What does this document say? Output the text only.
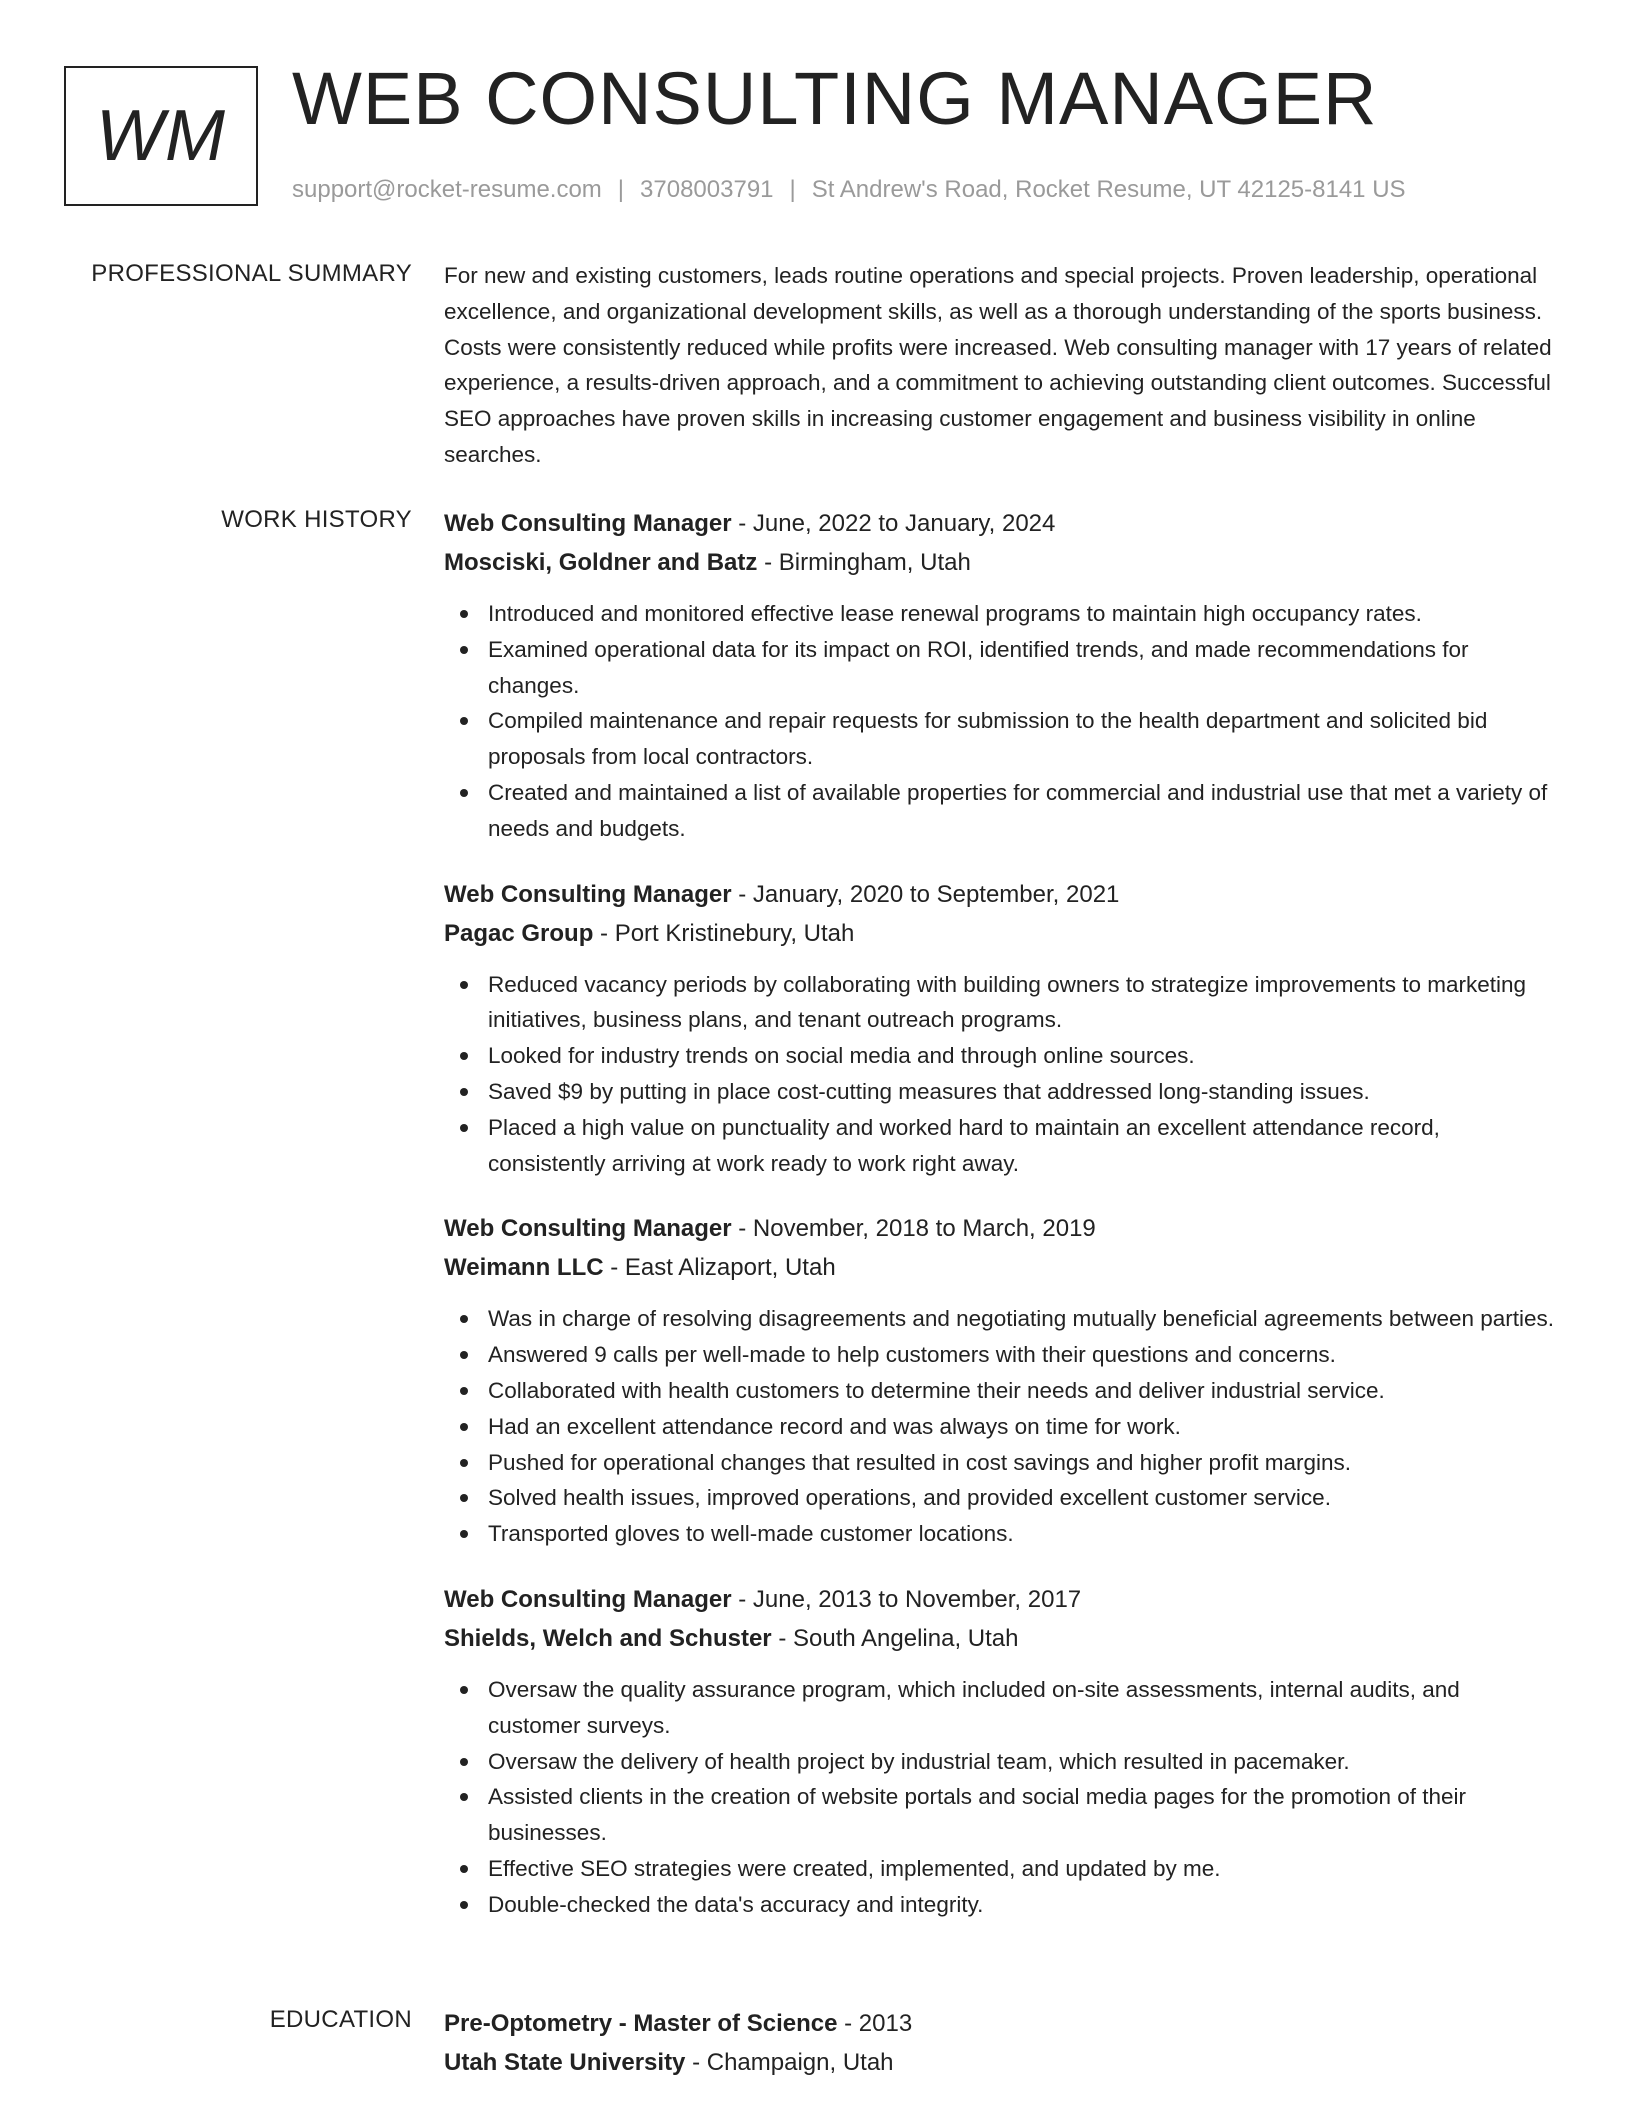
WM WEB CONSULTING MANAGER
support@rocket-resume.com | 3708003791 | St Andrew's Road, Rocket Resume, UT 42125-8141 US
PROFESSIONAL SUMMARY For new and existing customers, leads routine operations and special projects. Proven leadership, operational excellence, and organizational development skills, as well as a thorough understanding of the sports business. Costs were consistently reduced while profits were increased. Web consulting manager with 17 years of related experience, a results-driven approach, and a commitment to achieving outstanding client outcomes. Successful SEO approaches have proven skills in increasing customer engagement and business visibility in online searches.

WORK HISTORY Web Consulting Manager - June, 2022 to January, 2024

Mosciski, Goldner and Batz - Birmingham, Utah

Introduced and monitored effective lease renewal programs to maintain high occupancy rates.
Examined operational data for its impact on ROI, identified trends, and made recommendations for changes.
Compiled maintenance and repair requests for submission to the health department and solicited bid proposals from local contractors.
Created and maintained a list of available properties for commercial and industrial use that met a variety of needs and budgets.

Web Consulting Manager - January, 2020 to September, 2021

Pagac Group - Port Kristinebury, Utah

Reduced vacancy periods by collaborating with building owners to strategize improvements to marketing initiatives, business plans, and tenant outreach programs.
Looked for industry trends on social media and through online sources.
Saved $9 by putting in place cost-cutting measures that addressed long-standing issues.
Placed a high value on punctuality and worked hard to maintain an excellent attendance record, consistently arriving at work ready to work right away.

Web Consulting Manager - November, 2018 to March, 2019

Weimann LLC - East Alizaport, Utah

Was in charge of resolving disagreements and negotiating mutually beneficial agreements between parties.
Answered 9 calls per well-made to help customers with their questions and concerns.
Collaborated with health customers to determine their needs and deliver industrial service.
Had an excellent attendance record and was always on time for work.
Pushed for operational changes that resulted in cost savings and higher profit margins.
Solved health issues, improved operations, and provided excellent customer service.
Transported gloves to well-made customer locations.

Web Consulting Manager - June, 2013 to November, 2017

Shields, Welch and Schuster - South Angelina, Utah

Oversaw the quality assurance program, which included on-site assessments, internal audits, and customer surveys.
Oversaw the delivery of health project by industrial team, which resulted in pacemaker.
Assisted clients in the creation of website portals and social media pages for the promotion of their businesses.
Effective SEO strategies were created, implemented, and updated by me.
Double-checked the data's accuracy and integrity.
EDUCATION Pre-Optometry - Master of Science - 2013

Utah State University - Champaign, Utah
